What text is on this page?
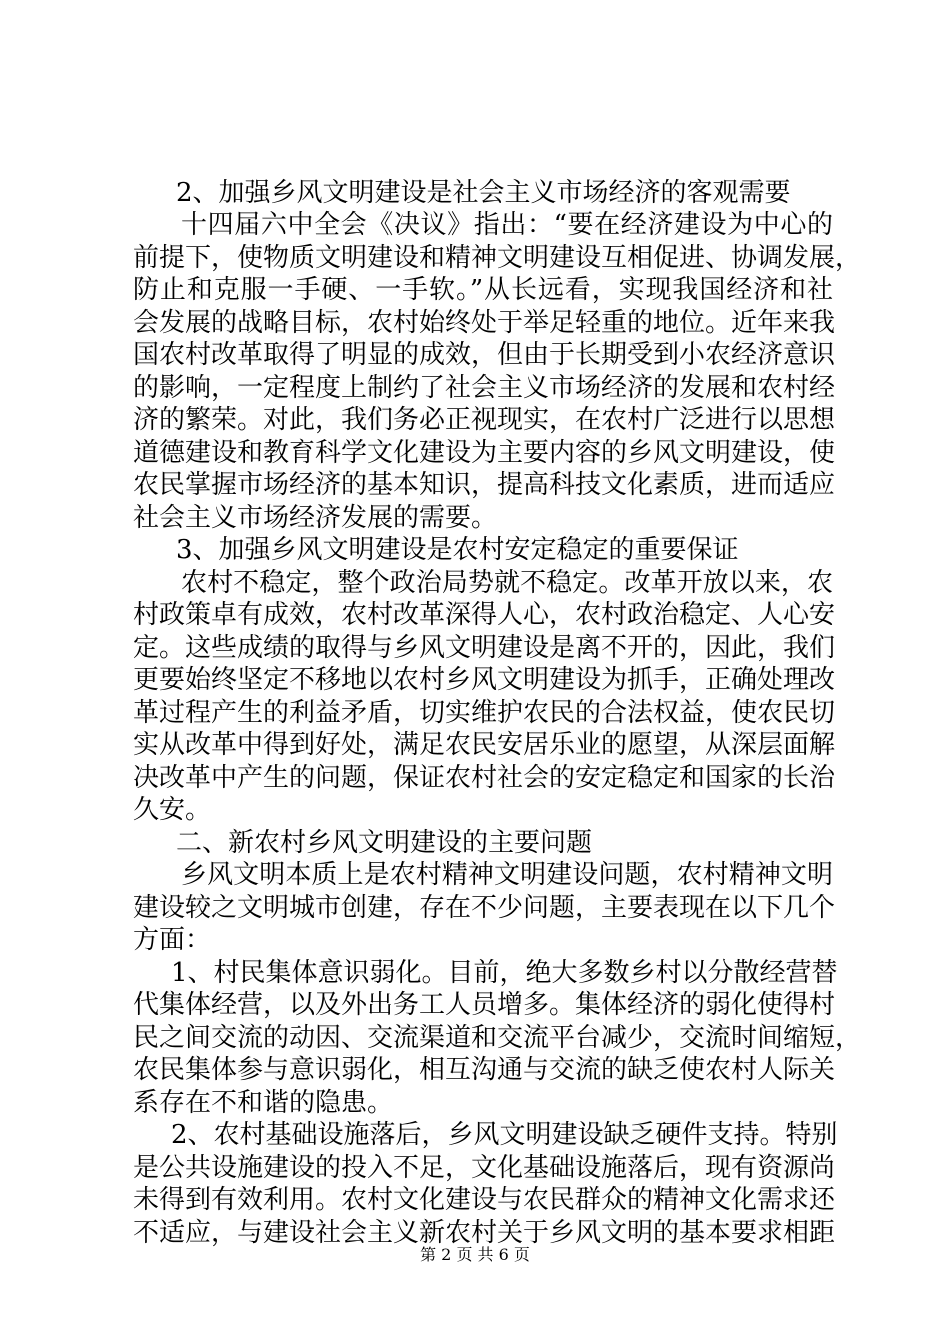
2、加强乡风文明建设是社会主义市场经济的客观需要
十四届六中全会《决议》指出：“要在经济建设为中心的
前提下，使物质文明建设和精神文明建设互相促进、协调发展，
防止和克服一手硬、一手软。”从长远看，实现我国经济和社
会发展的战略目标，农村始终处于举足轻重的地位。近年来我
国农村改革取得了明显的成效，但由于长期受到小农经济意识
的影响，一定程度上制约了社会主义市场经济的发展和农村经
济的繁荣。对此，我们务必正视现实，在农村广泛进行以思想
道德建设和教育科学文化建设为主要内容的乡风文明建设，使
农民掌握市场经济的基本知识，提高科技文化素质，进而适应
社会主义市场经济发展的需要。
3、加强乡风文明建设是农村安定稳定的重要保证
农村不稳定，整个政治局势就不稳定。改革开放以来，农
村政策卓有成效，农村改革深得人心，农村政治稳定、人心安
定。这些成绩的取得与乡风文明建设是离不开的，因此，我们
更要始终坚定不移地以农村乡风文明建设为抓手，正确处理改
革过程产生的利益矛盾，切实维护农民的合法权益，使农民切
实从改革中得到好处，满足农民安居乐业的愿望，从深层面解
决改革中产生的问题，保证农村社会的安定稳定和国家的长治
久安。
二、新农村乡风文明建设的主要问题
乡风文明本质上是农村精神文明建设问题，农村精神文明
建设较之文明城市创建，存在不少问题，主要表现在以下几个
方面：
1、村民集体意识弱化。目前，绝大多数乡村以分散经营替
代集体经营，以及外出务工人员增多。集体经济的弱化使得村
民之间交流的动因、交流渠道和交流平台减少，交流时间缩短，
农民集体参与意识弱化，相互沟通与交流的缺乏使农村人际关
系存在不和谐的隐患。
2、农村基础设施落后，乡风文明建设缺乏硬件支持。特别
是公共设施建设的投入不足，文化基础设施落后，现有资源尚
未得到有效利用。农村文化建设与农民群众的精神文化需求还
不适应，与建设社会主义新农村关于乡风文明的基本要求相距
第 2 页 共 6 页
